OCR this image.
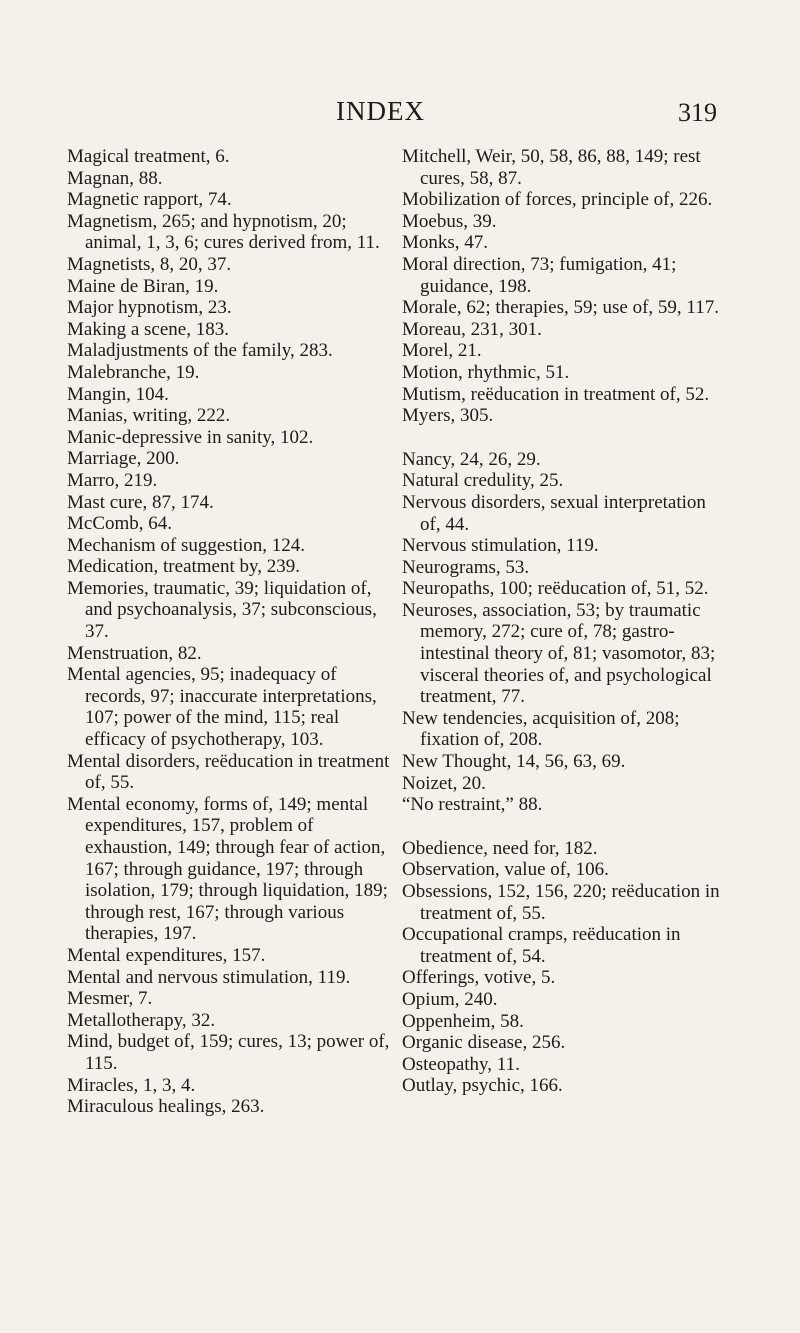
INDEX	319

Magical treatment, 6.

Magnan, 88.

Magnetic rapport, 74.

Magnetism, 265; and hypnotism, 20; animal, 1, 3, 6; cures derived from, 11.

Magnetists, 8, 20, 37.

Maine de Biran, 19.

Major hypnotism, 23.

Making a scene, 183.

Maladjustments of the family, 283.

Malebranche, 19.

Mangin, 104.

Manias, writing, 222.

Manic-depressive in sanity, 102.

Marriage, 200.

Marro, 219.

Mast cure, 87, 174.

McComb, 64.

Mechanism of suggestion, 124.

Medication, treatment by, 239.

Memories, traumatic, 39; liquidation of, and psychoanalysis, 37; subconscious, 37.

Menstruation, 82.

Mental agencies, 95; inadequacy of records, 97; inaccurate interpretations, 107; power of the mind, 115; real efficacy of psychotherapy, 103.

Mental disorders, reëducation in treatment of, 55.

Mental economy, forms of, 149; mental expenditures, 157, problem of exhaustion, 149; through fear of action, 167; through guidance, 197; through isolation, 179; through liquidation, 189; through rest, 167; through various therapies, 197.

Mental expenditures, 157.

Mental and nervous stimulation, 119.

Mesmer, 7.

Metallotherapy, 32.

Mind, budget of, 159; cures, 13; power of, 115.

Miracles, 1, 3, 4.

Miraculous healings, 263.

Mitchell, Weir, 50, 58, 86, 88, 149; rest cures, 58, 87.

Mobilization of forces, principle of, 226.

Moebus, 39.

Monks, 47.

Moral direction, 73; fumigation, 41; guidance, 198.

Morale, 62; therapies, 59; use of, 59, 117.

Moreau, 231, 301.

Morel, 21.

Motion, rhythmic, 51.

Mutism, reëducation in treatment of, 52.

Myers, 305.

Nancy, 24, 26, 29.

Natural credulity, 25.

Nervous disorders, sexual interpretation of, 44.

Nervous stimulation, 119.

Neurograms, 53.

Neuropaths, 100; reëducation of, 51, 52.

Neuroses, association, 53; by traumatic memory, 272; cure of, 78; gastro-intestinal theory of, 81; vasomotor, 83; visceral theories of, and psychological treatment, 77.

New tendencies, acquisition of, 208; fixation of, 208.

New Thought, 14, 56, 63, 69.

Noizet, 20.

“No restraint,” 88.

Obedience, need for, 182.

Observation, value of, 106.

Obsessions, 152, 156, 220; reëducation in treatment of, 55.

Occupational cramps, reëducation in treatment of, 54.

Offerings, votive, 5.

Opium, 240.

Oppenheim, 58.

Organic disease, 256.

Osteopathy, 11.

Outlay, psychic, 166.
